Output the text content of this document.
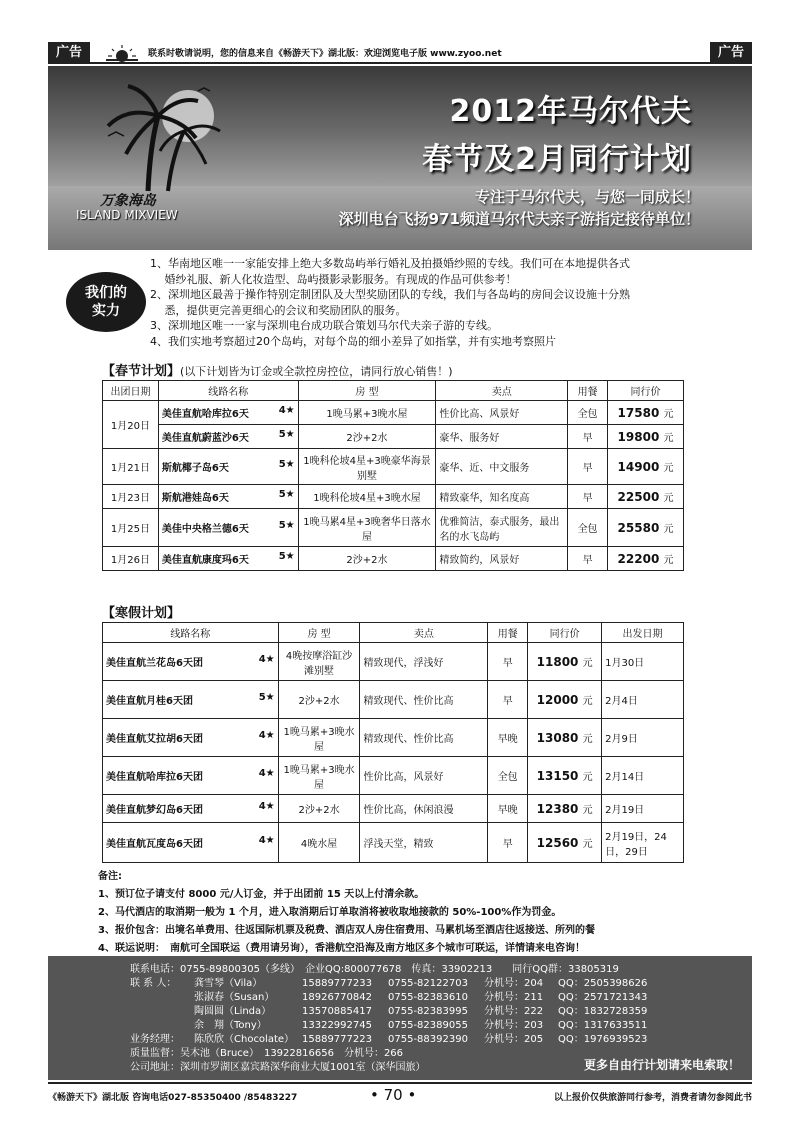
广告	联系时敬请说明，您的信息来自《畅游天下》湖北版：欢迎浏览电子版 www.zyoo.net	广告
万象海岛
ISLAND MIXVIEW
2012年马尔代夫
春节及2月同行计划
专注于马尔代夫，与您一同成长！
深圳电台飞扬971频道马尔代夫亲子游指定接待单位！
我们的
实力

1、华南地区唯一一家能安排上绝大多数岛屿举行婚礼及拍摄婚纱照的专线。我们可在本地提供各式

　 婚纱礼服、新人化妆造型、岛屿摄影录影服务。有现成的作品可供参考！

2、深圳地区最善于操作特别定制团队及大型奖励团队的专线，我们与各岛屿的房间会议设施十分熟

　 悉，提供更完善更细心的会议和奖励团队的服务。

3、深圳地区唯一一家与深圳电台成功联合策划马尔代夫亲子游的专线。

4、我们实地考察超过20个岛屿，对每个岛的细小差异了如指掌，并有实地考察照片

【春节计划】(以下计划皆为订金或全款控房控位，请同行放心销售！)
出团日期	线路名称	房 型	卖点	用餐	同行价
1月20日	美佳直航哈库拉6天 4★	1晚马累+3晚水屋	性价比高、风景好	全包	17580 元
	美佳直航蔚蓝沙6天 5★	2沙+2水	豪华、服务好	早	19800 元
1月21日	斯航椰子岛6天 5★	1晚科伦坡4星+3晚豪华海景别墅	豪华、近、中文服务	早	14900 元
1月23日	斯航港娃岛6天 5★	1晚科伦坡4星+3晚水屋	精致豪华，知名度高	早	22500 元
1月25日	美佳中央格兰德6天 5★	1晚马累4星+3晚奢华日落水屋	优雅简洁，泰式服务，最出名的水飞岛屿	全包	25580 元
1月26日	美佳直航康度玛6天 5★	2沙+2水	精致简约，风景好	早	22200 元
【寒假计划】
线路名称	房 型	卖点	用餐	同行价	出发日期
美佳直航兰花岛6天团 4★	4晚按摩浴缸沙滩别墅	精致现代，浮浅好	早	11800 元	1月30日
美佳直航月桂6天团 5★	2沙+2水	精致现代、性价比高	早	12000 元	2月4日
美佳直航艾拉胡6天团 4★	1晚马累+3晚水屋	精致现代、性价比高	早晚	13080 元	2月9日
美佳直航哈库拉6天团 4★	1晚马累+3晚水屋	性价比高，风景好	全包	13150 元	2月14日
美佳直航梦幻岛6天团 4★	2沙+2水	性价比高，休闲浪漫	早晚	12380 元	2月19日
美佳直航瓦度岛6天团 4★	4晚水屋	浮浅天堂，精致	早	12560 元	2月19日，24日，29日
备注:
1、预订位子请支付 8000 元/人订金，并于出团前 15 天以上付清余款。
2、马代酒店的取消期一般为 1 个月，进入取消期后订单取消将被收取地接款的 50%-100%作为罚金。
3、报价包含：出境名单费用、往返国际机票及税费、酒店双人房住宿费用、马累机场至酒店往返接送、所列的餐
4、联运说明：　南航可全国联运（费用请另询），香港航空沿海及南方地区多个城市可联运，详情请来电咨询！
联系电话：0755-89800305（多线）　企业QQ:800077678　传真：33902213　　同行QQ群：33805319
联 系 人： 龚雪琴（Vila）	15889777233 0755-82122703 分机号：204 QQ：2505398626
张淑春（Susan）	18926770842 0755-82383610 分机号：211 QQ：2571721343
陶圆圆（Linda）	13570885417 0755-82383995 分机号：222 QQ：1832728359
余　翔（Tony）	13322992745 0755-82389055 分机号：203 QQ：1317633511
业务经理： 陈欣欣（Chocolate） 15889777223 0755-88392390 分机号：205 QQ：1976939523
质量监督：吴木池（Bruce）　13922816656　分机号：266
公司地址：深圳市罗湖区嘉宾路深华商业大厦1001室（深华国旅）	更多自由行计划请来电索取！
《畅游天下》湖北版 咨询电话027-85350400 /85483227	• 70 •	以上报价仅供旅游同行参考，消费者请勿参阅此书
